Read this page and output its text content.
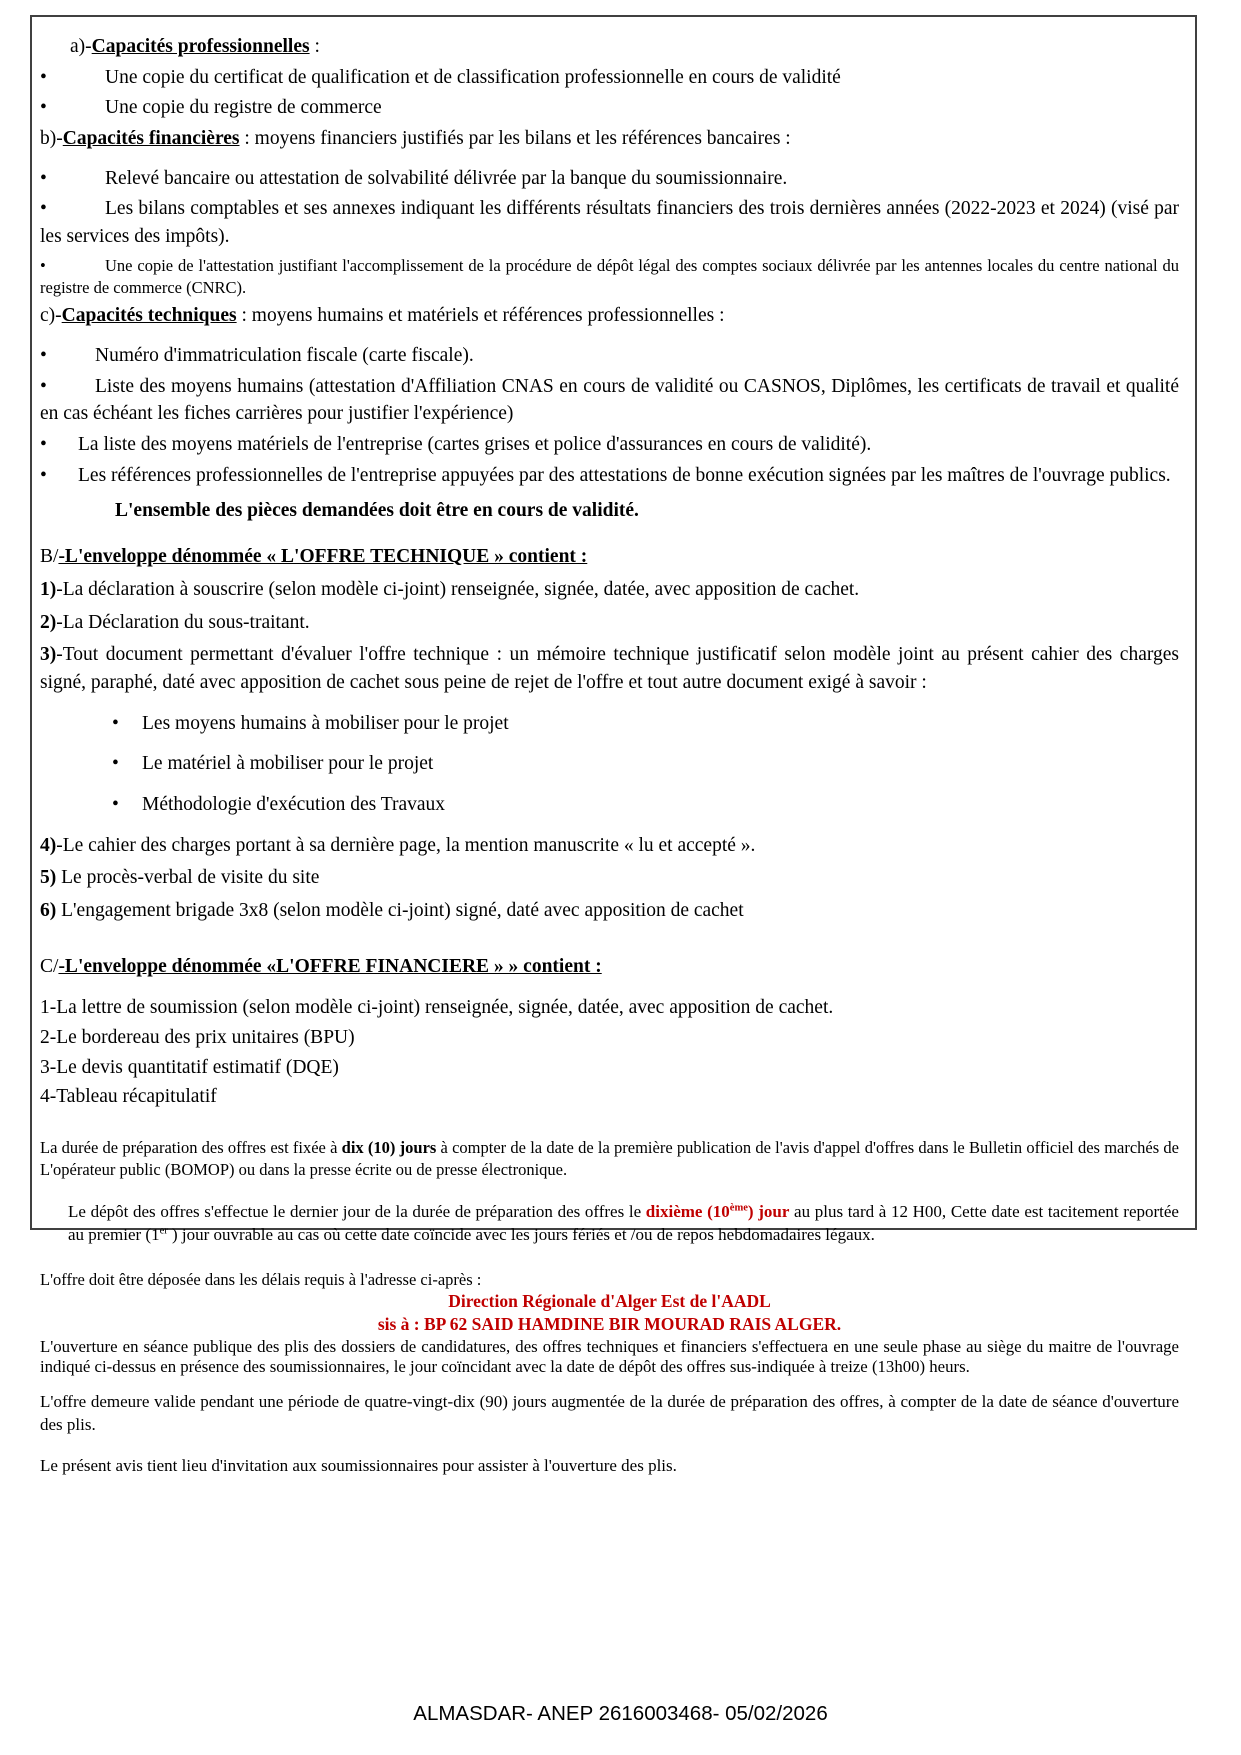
a)-Capacités professionnelles :

•	Une copie du certificat de qualification et de classification professionnelle en cours de validité

•	Une copie du registre de commerce

b)-Capacités financières : moyens financiers justifiés par les bilans et les références bancaires :

•	Relevé bancaire ou attestation de solvabilité délivrée par la banque du soumissionnaire.

•	Les bilans comptables et ses annexes indiquant les différents résultats financiers des trois dernières années (2022-2023 et 2024) (visé par les services des impôts).

•	Une copie de l'attestation justifiant l'accomplissement de la procédure de dépôt légal des comptes sociaux délivrée par les antennes locales du centre national du registre de commerce (CNRC).

c)-Capacités techniques : moyens humains et matériels et références professionnelles :

• Numéro d'immatriculation fiscale (carte fiscale).

• Liste des moyens humains (attestation d'Affiliation CNAS en cours de validité ou CASNOS, Diplômes, les certificats de travail et qualité en cas échéant les fiches carrières pour justifier l'expérience)

• La liste des moyens matériels de l'entreprise (cartes grises et police d'assurances en cours de validité).

• Les références professionnelles de l'entreprise appuyées par des attestations de bonne exécution signées par les maîtres de l'ouvrage publics.

L'ensemble des pièces demandées doit être en cours de validité.

B/-L'enveloppe dénommée « L'OFFRE TECHNIQUE » contient :

1)-La déclaration à souscrire (selon modèle ci-joint) renseignée, signée, datée, avec apposition de cachet.

2)-La Déclaration du sous-traitant.

3)-Tout document permettant d'évaluer l'offre technique : un mémoire technique justificatif selon modèle joint au présent cahier des charges signé, paraphé, daté avec apposition de cachet sous peine de rejet de l'offre et tout autre document exigé à savoir :

• Les moyens humains à mobiliser pour le projet

• Le matériel à mobiliser pour le projet

• Méthodologie d'exécution des Travaux

4)-Le cahier des charges portant à sa dernière page, la mention manuscrite « lu et accepté ».

5) Le procès-verbal de visite du site

6) L'engagement brigade 3x8 (selon modèle ci-joint) signé, daté avec apposition de cachet

C/-L'enveloppe dénommée «L'OFFRE FINANCIERE » » contient :

1-La lettre de soumission (selon modèle ci-joint) renseignée, signée, datée, avec apposition de cachet.

2-Le bordereau des prix unitaires (BPU)

3-Le devis quantitatif estimatif (DQE)

4-Tableau récapitulatif

La durée de préparation des offres est fixée à dix (10) jours à compter de la date de la première publication de l'avis d'appel d'offres dans le Bulletin officiel des marchés de L'opérateur public (BOMOP) ou dans la presse écrite ou de presse électronique.

Le dépôt des offres s'effectue le dernier jour de la durée de préparation des offres le dixième (10ème) jour au plus tard à 12 H00, Cette date est tacitement reportée au premier (1er ) jour ouvrable au cas où cette date coïncide avec les jours fériés et /ou de repos hebdomadaires légaux.

L'offre doit être déposée dans les délais requis à l'adresse ci-après :

Direction Régionale d'Alger Est de l'AADL

sis à : BP 62 SAID HAMDINE BIR MOURAD RAIS ALGER.

L'ouverture en séance publique des plis des dossiers de candidatures, des offres techniques et financiers s'effectuera en une seule phase au siège du maitre de l'ouvrage indiqué ci-dessus en présence des soumissionnaires, le jour coïncidant avec la date de dépôt des offres sus-indiquée à treize (13h00) heurs.

L'offre demeure valide pendant une période de quatre-vingt-dix (90) jours augmentée de la durée de préparation des offres, à compter de la date de séance d'ouverture des plis.

Le présent avis tient lieu d'invitation aux soumissionnaires pour assister à l'ouverture des plis.

ALMASDAR- ANEP 2616003468- 05/02/2026
